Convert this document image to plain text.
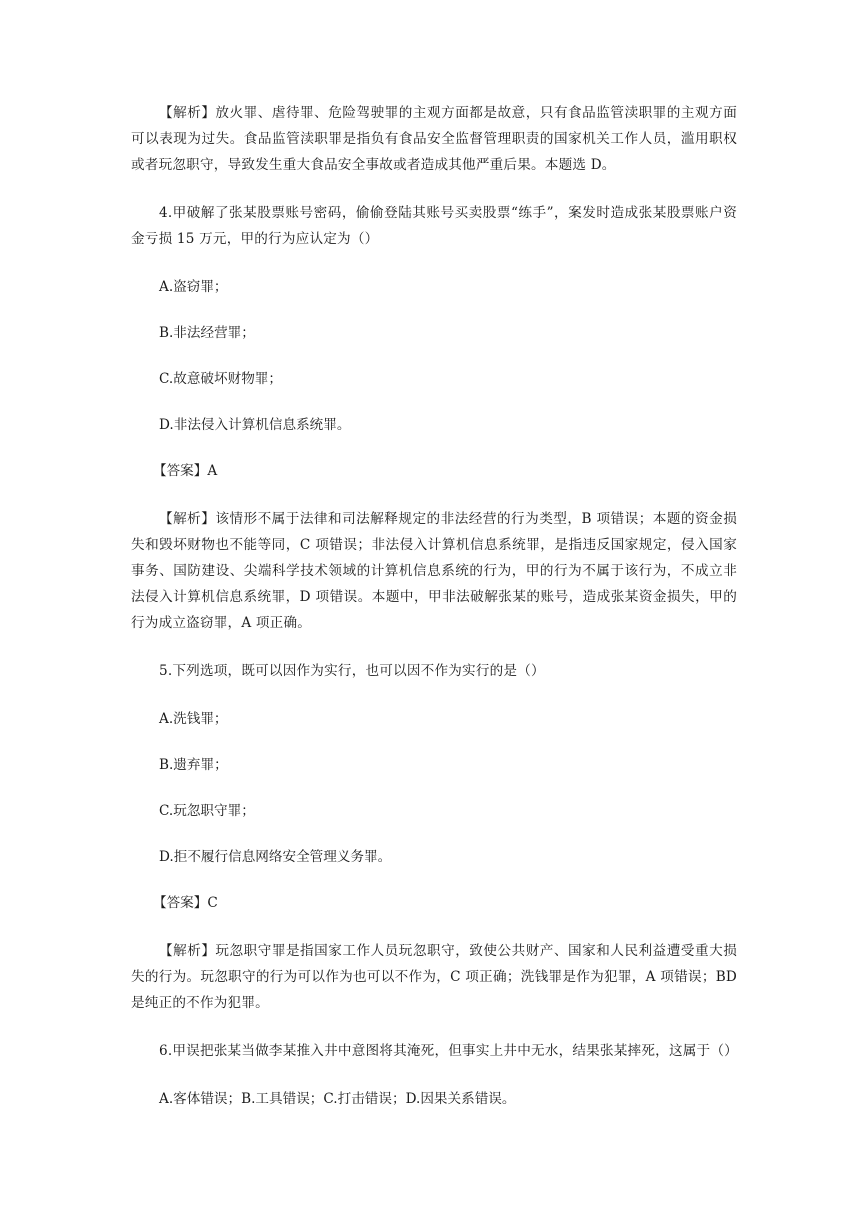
【解析】放火罪、虐待罪、危险驾驶罪的主观方面都是故意，只有食品监管渎职罪的主观方面可以表现为过失。食品监管渎职罪是指负有食品安全监督管理职责的国家机关工作人员，滥用职权或者玩忽职守，导致发生重大食品安全事故或者造成其他严重后果。本题选 D。

4.甲破解了张某股票账号密码，偷偷登陆其账号买卖股票“练手”，案发时造成张某股票账户资金亏损 15 万元，甲的行为应认定为（）

A.盗窃罪；

B.非法经营罪；

C.故意破坏财物罪；

D.非法侵入计算机信息系统罪。

【答案】A

【解析】该情形不属于法律和司法解释规定的非法经营的行为类型，B 项错误；本题的资金损失和毁坏财物也不能等同，C 项错误；非法侵入计算机信息系统罪，是指违反国家规定，侵入国家事务、国防建设、尖端科学技术领域的计算机信息系统的行为，甲的行为不属于该行为，不成立非法侵入计算机信息系统罪，D 项错误。本题中，甲非法破解张某的账号，造成张某资金损失，甲的行为成立盗窃罪，A 项正确。

5.下列选项，既可以因作为实行，也可以因不作为实行的是（）

A.洗钱罪；

B.遗弃罪；

C.玩忽职守罪；

D.拒不履行信息网络安全管理义务罪。

【答案】C

【解析】玩忽职守罪是指国家工作人员玩忽职守，致使公共财产、国家和人民利益遭受重大损失的行为。玩忽职守的行为可以作为也可以不作为，C 项正确；洗钱罪是作为犯罪，A 项错误；BD 是纯正的不作为犯罪。

6.甲误把张某当做李某推入井中意图将其淹死，但事实上井中无水，结果张某摔死，这属于（）

A.客体错误；B.工具错误；C.打击错误；D.因果关系错误。
